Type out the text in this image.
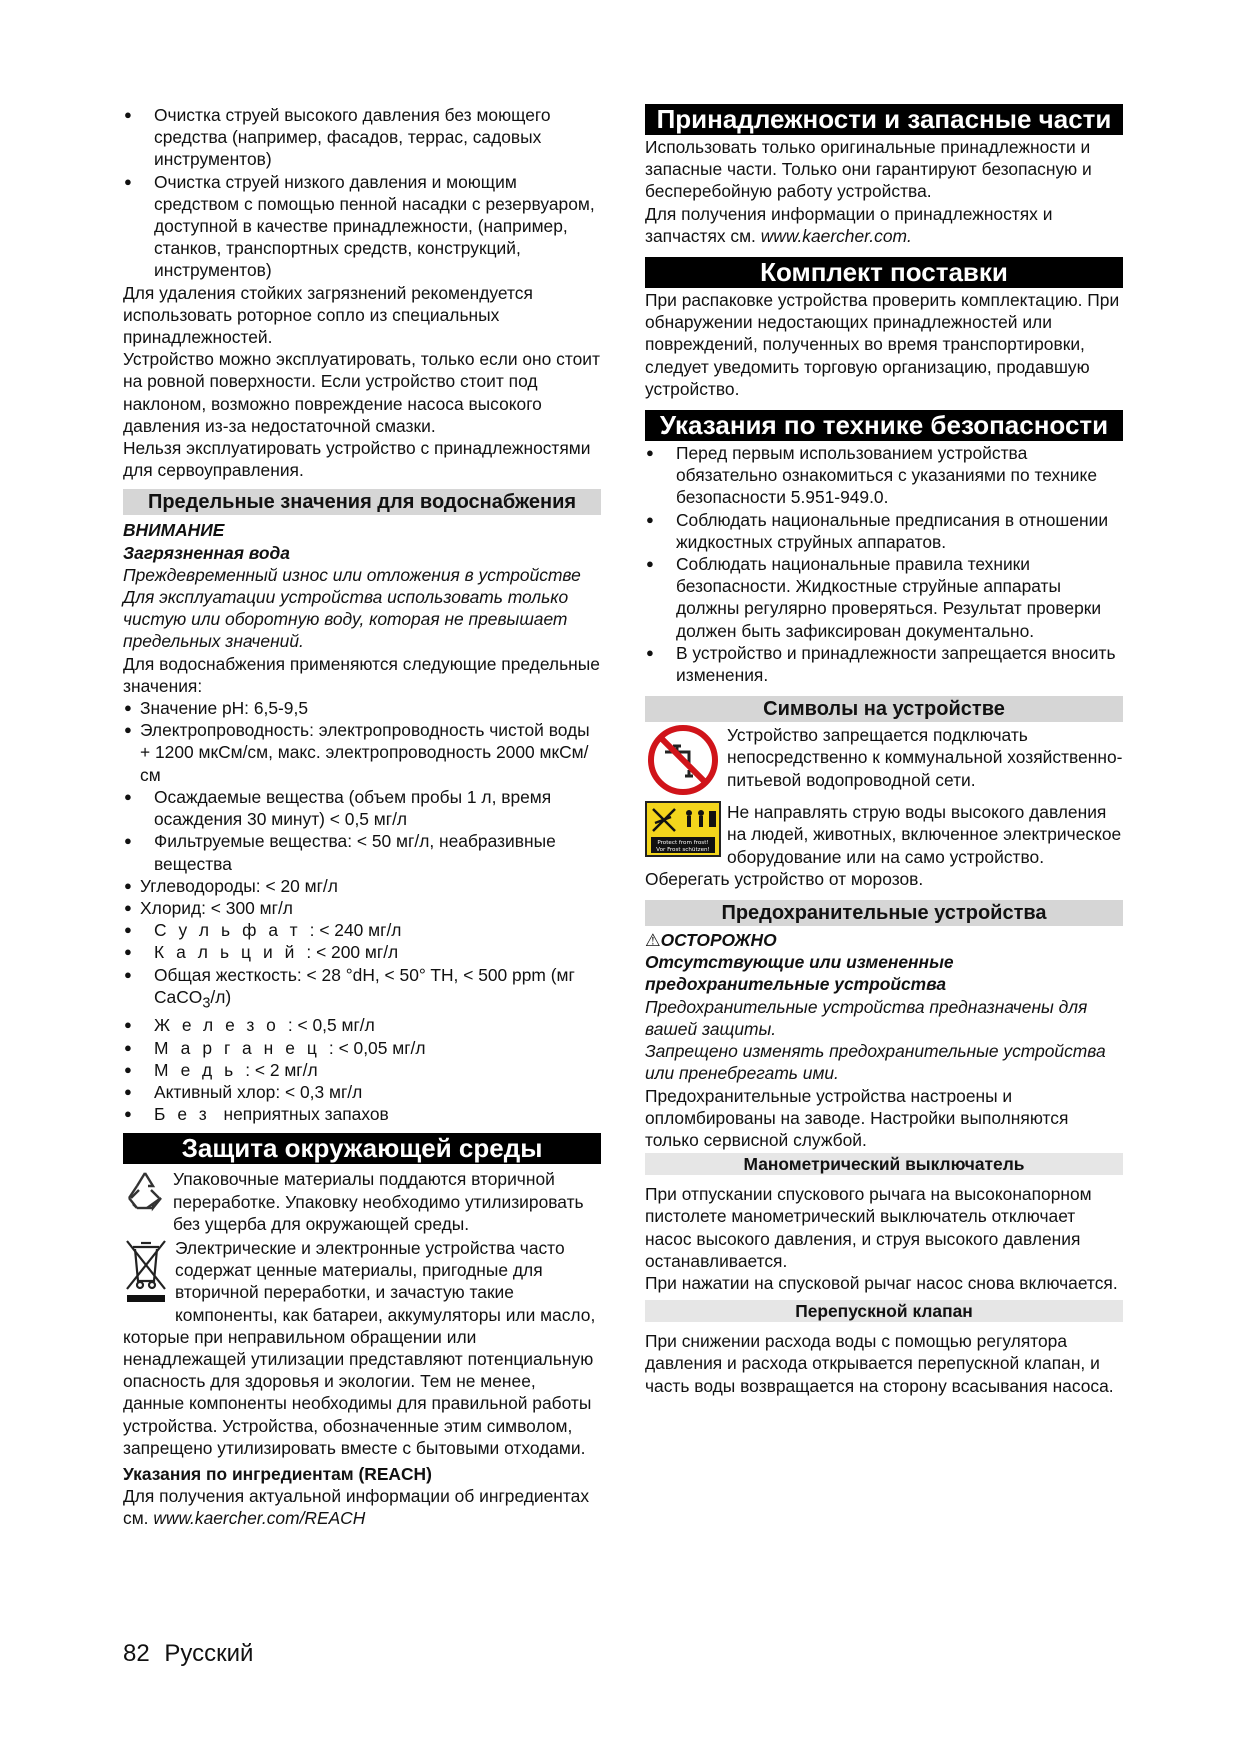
● Очистка струей высокого давления без моющего средства (например, фасадов, террас, садовых инструментов)
● Очистка струей низкого давления и моющим средством с помощью пенной насадки с резервуаром, доступной в качестве принадлежности, (например, станков, транспортных средств, конструкций, инструментов)

Для удаления стойких загрязнений рекомендуется использовать роторное сопло из специальных принадлежностей.

Устройство можно эксплуатировать, только если оно стоит на ровной поверхности. Если устройство стоит под наклоном, возможно повреждение насоса высокого давления из-за недостаточной смазки.

Нельзя эксплуатировать устройство с принадлежностями для сервоуправления.

Предельные значения для водоснабжения

ВНИМАНИЕ

Загрязненная вода

Преждевременный износ или отложения в устройстве

Для эксплуатации устройства использовать только чистую или оборотную воду, которая не превышает предельных значений.

Для водоснабжения применяются следующие предельные значения:

● Значение pH: 6,5-9,5
● Электропроводность: электропроводность чистой воды + 1200 мкСм/см, макс. электропроводность 2000 мкСм/см
● Осаждаемые вещества (объем пробы 1 л, время осаждения 30 минут) < 0,5 мг/л
● Фильтруемые вещества: < 50 мг/л, неабразивные вещества
● Углеводороды: < 20 мг/л
● Хлорид: < 300 мг/л
● Сульфат: < 240 мг/л
● Кальций: < 200 мг/л
● Общая жесткость: < 28 °dH, < 50° TH, < 500 ppm (мг CaCO$_3$/л)
● Железо: < 0,5 мг/л
● Марганец: < 0,05 мг/л
● Медь: < 2 мг/л
● Активный хлор: < 0,3 мг/л
● Без неприятных запахов
Защита окружающей среды

Упаковочные материалы поддаются вторичной переработке. Упаковку необходимо утилизировать без ущерба для окружающей среды.

Электрические и электронные устройства часто содержат ценные материалы, пригодные для вторичной переработки, и зачастую такие компоненты, как батареи, аккумуляторы или масло, которые при неправильном обращении или ненадлежащей утилизации представляют потенциальную опасность для здоровья и экологии. Тем не менее, данные компоненты необходимы для правильной работы устройства. Устройства, обозначенные этим символом, запрещено утилизировать вместе с бытовыми отходами.

Указания по ингредиентам (REACH)

Для получения актуальной информации об ингредиентах см. www.kaercher.com/REACH

Принадлежности и запасные части

Использовать только оригинальные принадлежности и запасные части. Только они гарантируют безопасную и бесперебойную работу устройства.

Для получения информации о принадлежностях и запчастях см. www.kaercher.com.

Комплект поставки

При распаковке устройства проверить комплектацию. При обнаружении недостающих принадлежностей или повреждений, полученных во время транспортировки, следует уведомить торговую организацию, продавшую устройство.

Указания по технике безопасности
● Перед первым использованием устройства обязательно ознакомиться с указаниями по технике безопасности 5.951-949.0.
● Соблюдать национальные предписания в отношении жидкостных струйных аппаратов.
● Соблюдать национальные правила техники безопасности. Жидкостные струйные аппараты должны регулярно проверяться. Результат проверки должен быть зафиксирован документально.
● В устройство и принадлежности запрещается вносить изменения.
Символы на устройстве

Устройство запрещается подключать непосредственно к коммунальной хозяйственно-питьевой водопроводной сети.

Protect from frost!
Vor Frost schützen!

Не направлять струю воды высокого давления на людей, животных, включенное электрическое оборудование или на само устройство. Оберегать устройство от морозов.

Предохранительные устройства

⚠ОСТОРОЖНО

Отсутствующие или измененные предохранительные устройства

Предохранительные устройства предназначены для вашей защиты.

Запрещено изменять предохранительные устройства или пренебрегать ими.

Предохранительные устройства настроены и опломбированы на заводе. Настройки выполняются только сервисной службой.

Манометрический выключатель

При отпускании спускового рычага на высоконапорном пистолете манометрический выключатель отключает насос высокого давления, и струя высокого давления останавливается.

При нажатии на спусковой рычаг насос снова включается.

Перепускной клапан

При снижении расхода воды с помощью регулятора давления и расхода открывается перепускной клапан, и часть воды возвращается на сторону всасывания насоса.

82 Русский
